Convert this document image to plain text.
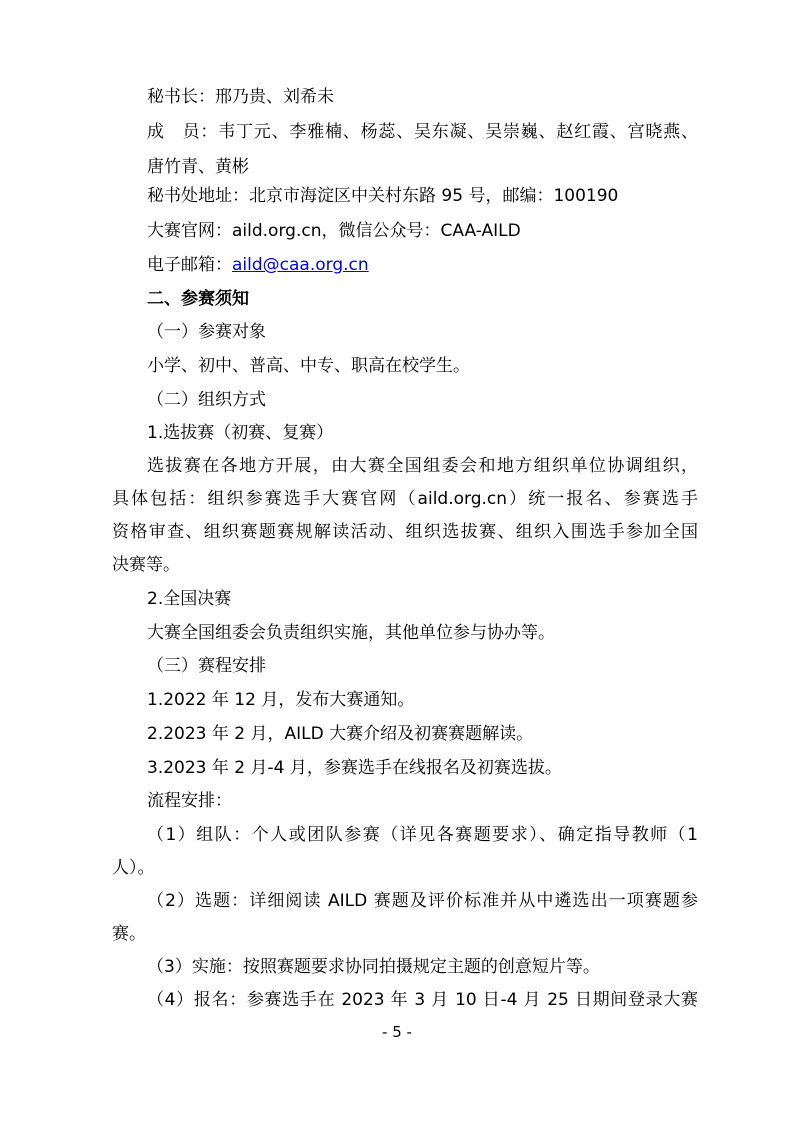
秘书长：邢乃贵、刘希未
成　员：韦丁元、李雅楠、杨蕊、吴东凝、吴崇巍、赵红霞、宫晓燕、
唐竹青、黄彬
秘书处地址：北京市海淀区中关村东路 95 号，邮编：100190
大赛官网：aild.org.cn，微信公众号：CAA-AILD
电子邮箱：aild@caa.org.cn
二、参赛须知
（一）参赛对象
小学、初中、普高、中专、职高在校学生。
（二）组织方式
1.选拔赛（初赛、复赛）
选拔赛在各地方开展，由大赛全国组委会和地方组织单位协调组织，
具体包括：组织参赛选手大赛官网（aild.org.cn）统一报名、参赛选手
资格审查、组织赛题赛规解读活动、组织选拔赛、组织入围选手参加全国
决赛等。
2.全国决赛
大赛全国组委会负责组织实施，其他单位参与协办等。
（三）赛程安排
1.2022 年 12 月，发布大赛通知。
2.2023 年 2 月，AILD 大赛介绍及初赛赛题解读。
3.2023 年 2 月-4 月，参赛选手在线报名及初赛选拔。
流程安排：
（1）组队：个人或团队参赛（详见各赛题要求）、确定指导教师（1
人）。
（2）选题：详细阅读 AILD 赛题及评价标准并从中遴选出一项赛题参
赛。
（3）实施：按照赛题要求协同拍摄规定主题的创意短片等。
（4）报名：参赛选手在 2023 年 3 月 10 日-4 月 25 日期间登录大赛
- 5 -
